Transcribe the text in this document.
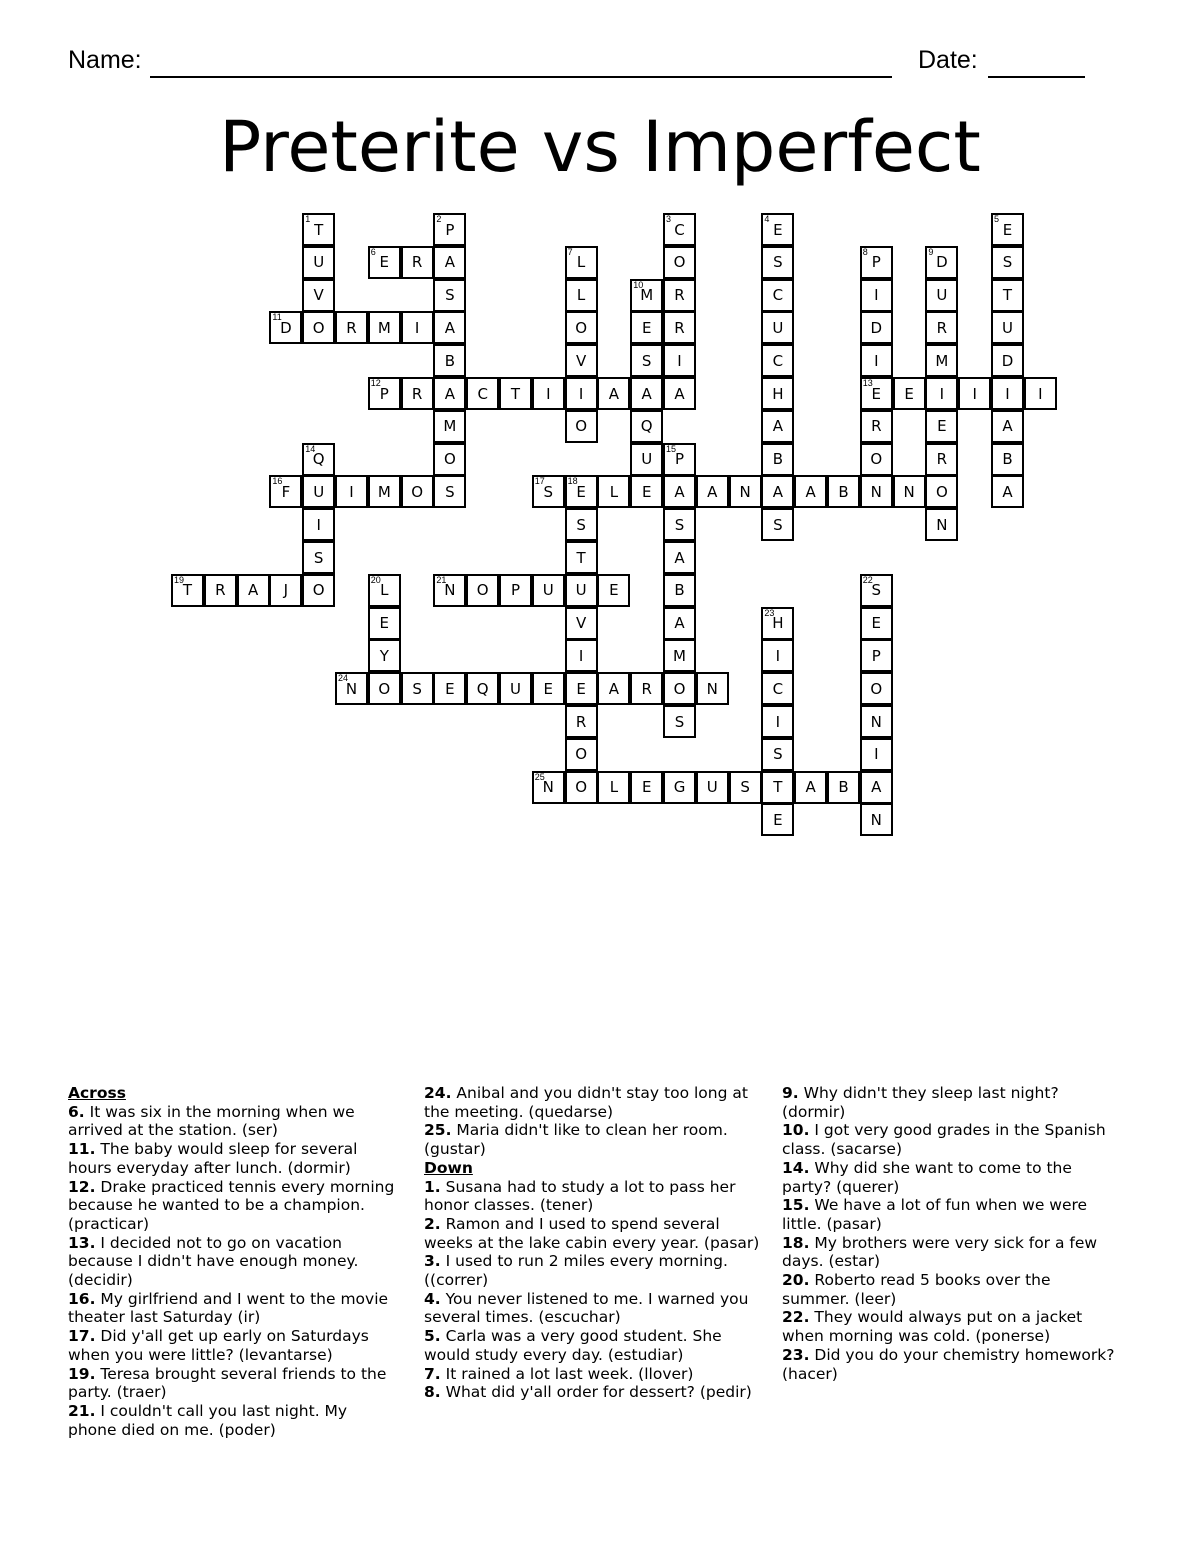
Name:	Date:
Preterite vs Imperfect
1
T
U
V
O
2
P
A
S
A
B
A
M
O
S
3
C
O
R
R
I
A
4
E
S
C
U
C
H
A
B
A
S
5
E
S
T
U
D
I
A
B
A
6
E	R
7
L
L
O
V
I
O
8
P
I
D
I
13
E
R
O
N
9
D
U
R
M
I
E
R
O
N
10
M
E
S
A
Q
U
E
11
D	R	M	I
12
P	R	C	T	I	A	E	I	I
14
Q
U
I
S
O
15
P
A
S
A
B
A
M
O
S
16
F	I	M	O
17
S
18
E	L	A	N	A	B	N
S
T
U
V
I
E
R
O
19
T	R	A	J
20
L
E
Y
21
N	O	P	U	E
22
S
E
P
O
N
I
A
N
23
H
I
C
I
S
T
E
24
N	O	S	E	Q	U	E	A	R	N
25
N	O	L	E	G	U	S	A	B
Across
6. It was six in the morning when we arrived at the station. (ser)
11. The baby would sleep for several hours everyday after lunch. (dormir)
12. Drake practiced tennis every morning because he wanted to be a champion. (practicar)
13. I decided not to go on vacation because I didn't have enough money. (decidir)
16. My girlfriend and I went to the movie theater last Saturday (ir)
17. Did y'all get up early on Saturdays when you were little? (levantarse)
19. Teresa brought several friends to the party. (traer)
21. I couldn't call you last night. My phone died on me. (poder)
24. Anibal and you didn't stay too long at the meeting. (quedarse)
25. Maria didn't like to clean her room. (gustar)
Down
1. Susana had to study a lot to pass her honor classes. (tener)
2. Ramon and I used to spend several weeks at the lake cabin every year. (pasar)
3. I used to run 2 miles every morning. ((correr)
4. You never listened to me. I warned you several times. (escuchar)
5. Carla was a very good student. She would study every day. (estudiar)
7. It rained a lot last week. (llover)
8. What did y'all order for dessert? (pedir)
9. Why didn't they sleep last night? (dormir)
10. I got very good grades in the Spanish class. (sacarse)
14. Why did she want to come to the party? (querer)
15. We have a lot of fun when we were little. (pasar)
18. My brothers were very sick for a few days. (estar)
20. Roberto read 5 books over the summer. (leer)
22. They would always put on a jacket when morning was cold. (ponerse)
23. Did you do your chemistry homework? (hacer)
